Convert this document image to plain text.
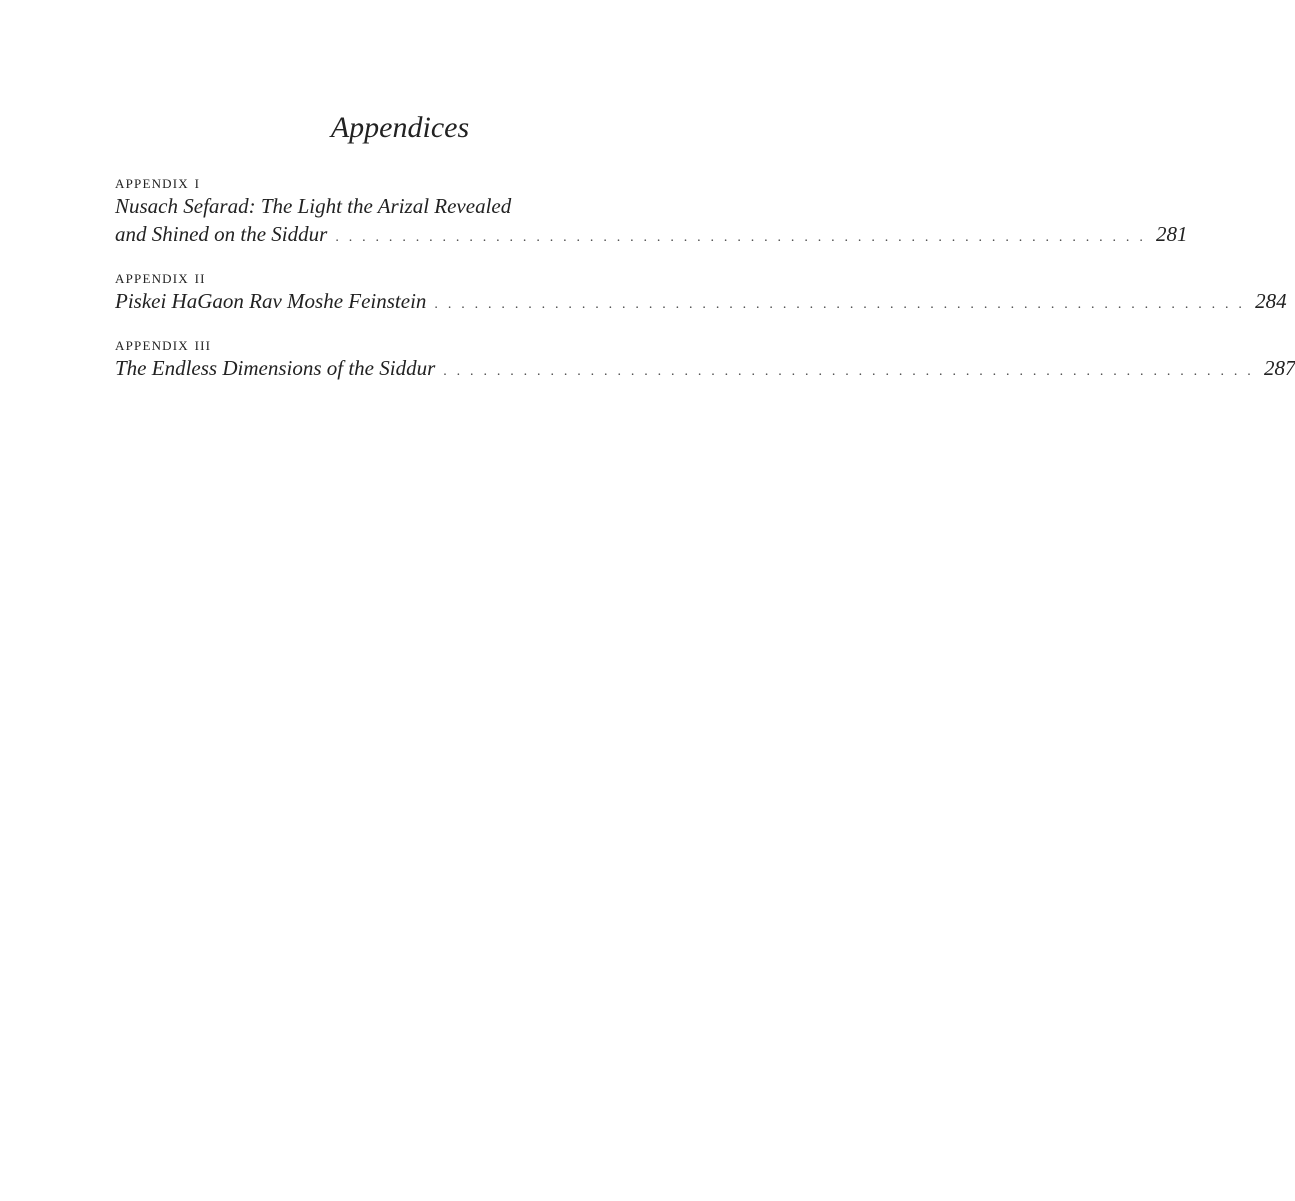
Appendices
appendix i
Nusach Sefarad: The Light the Arizal Revealed
and Shined on the Siddur . . . . . . . . . . . . . . . . . . . . . . . . . . . . . . . . . . . . . . . . . . . . . . . . . . . . . . . . . . . . . 281
appendix ii
Piskei HaGaon Rav Moshe Feinstein . . . . . . . . . . . . . . . . . . . . . . . . . . . . . . . . . . . . . . . . . . . . . . . . . . . . . . . . . . . . . 284
appendix iii
The Endless Dimensions of the Siddur . . . . . . . . . . . . . . . . . . . . . . . . . . . . . . . . . . . . . . . . . . . . . . . . . . . . . . . . . . . . . 287
